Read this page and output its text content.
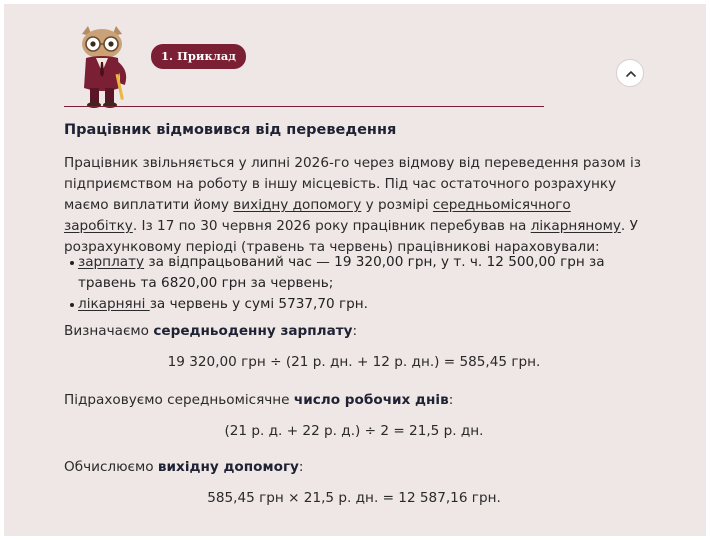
1. Приклад
Працівник відмовився від переведення
Працівник звільняється у липні 2026-го через відмову від переведення разом із підприємством на роботу в іншу місцевість. Під час остаточного розрахунку маємо виплатити йому вихідну допомогу у розмірі середньомісячного заробітку. Із 17 по 30 червня 2026 року працівник перебував на лікарняному. У розрахунковому періоді (травень та червень) працівникові нараховували:
зарплату за відпрацьований час — 19 320,00 грн, у т. ч. 12 500,00 грн за травень та 6820,00 грн за червень;
лікарняні за червень у сумі 5737,70 грн.
Визначаємо середньоденну зарплату:
19 320,00 грн ÷ (21 р. дн. + 12 р. дн.) = 585,45 грн.
Підраховуємо середньомісячне число робочих днів:
(21 р. д. + 22 р. д.) ÷ 2 = 21,5 р. дн.
Обчислюємо вихідну допомогу:
585,45 грн × 21,5 р. дн. = 12 587,16 грн.
